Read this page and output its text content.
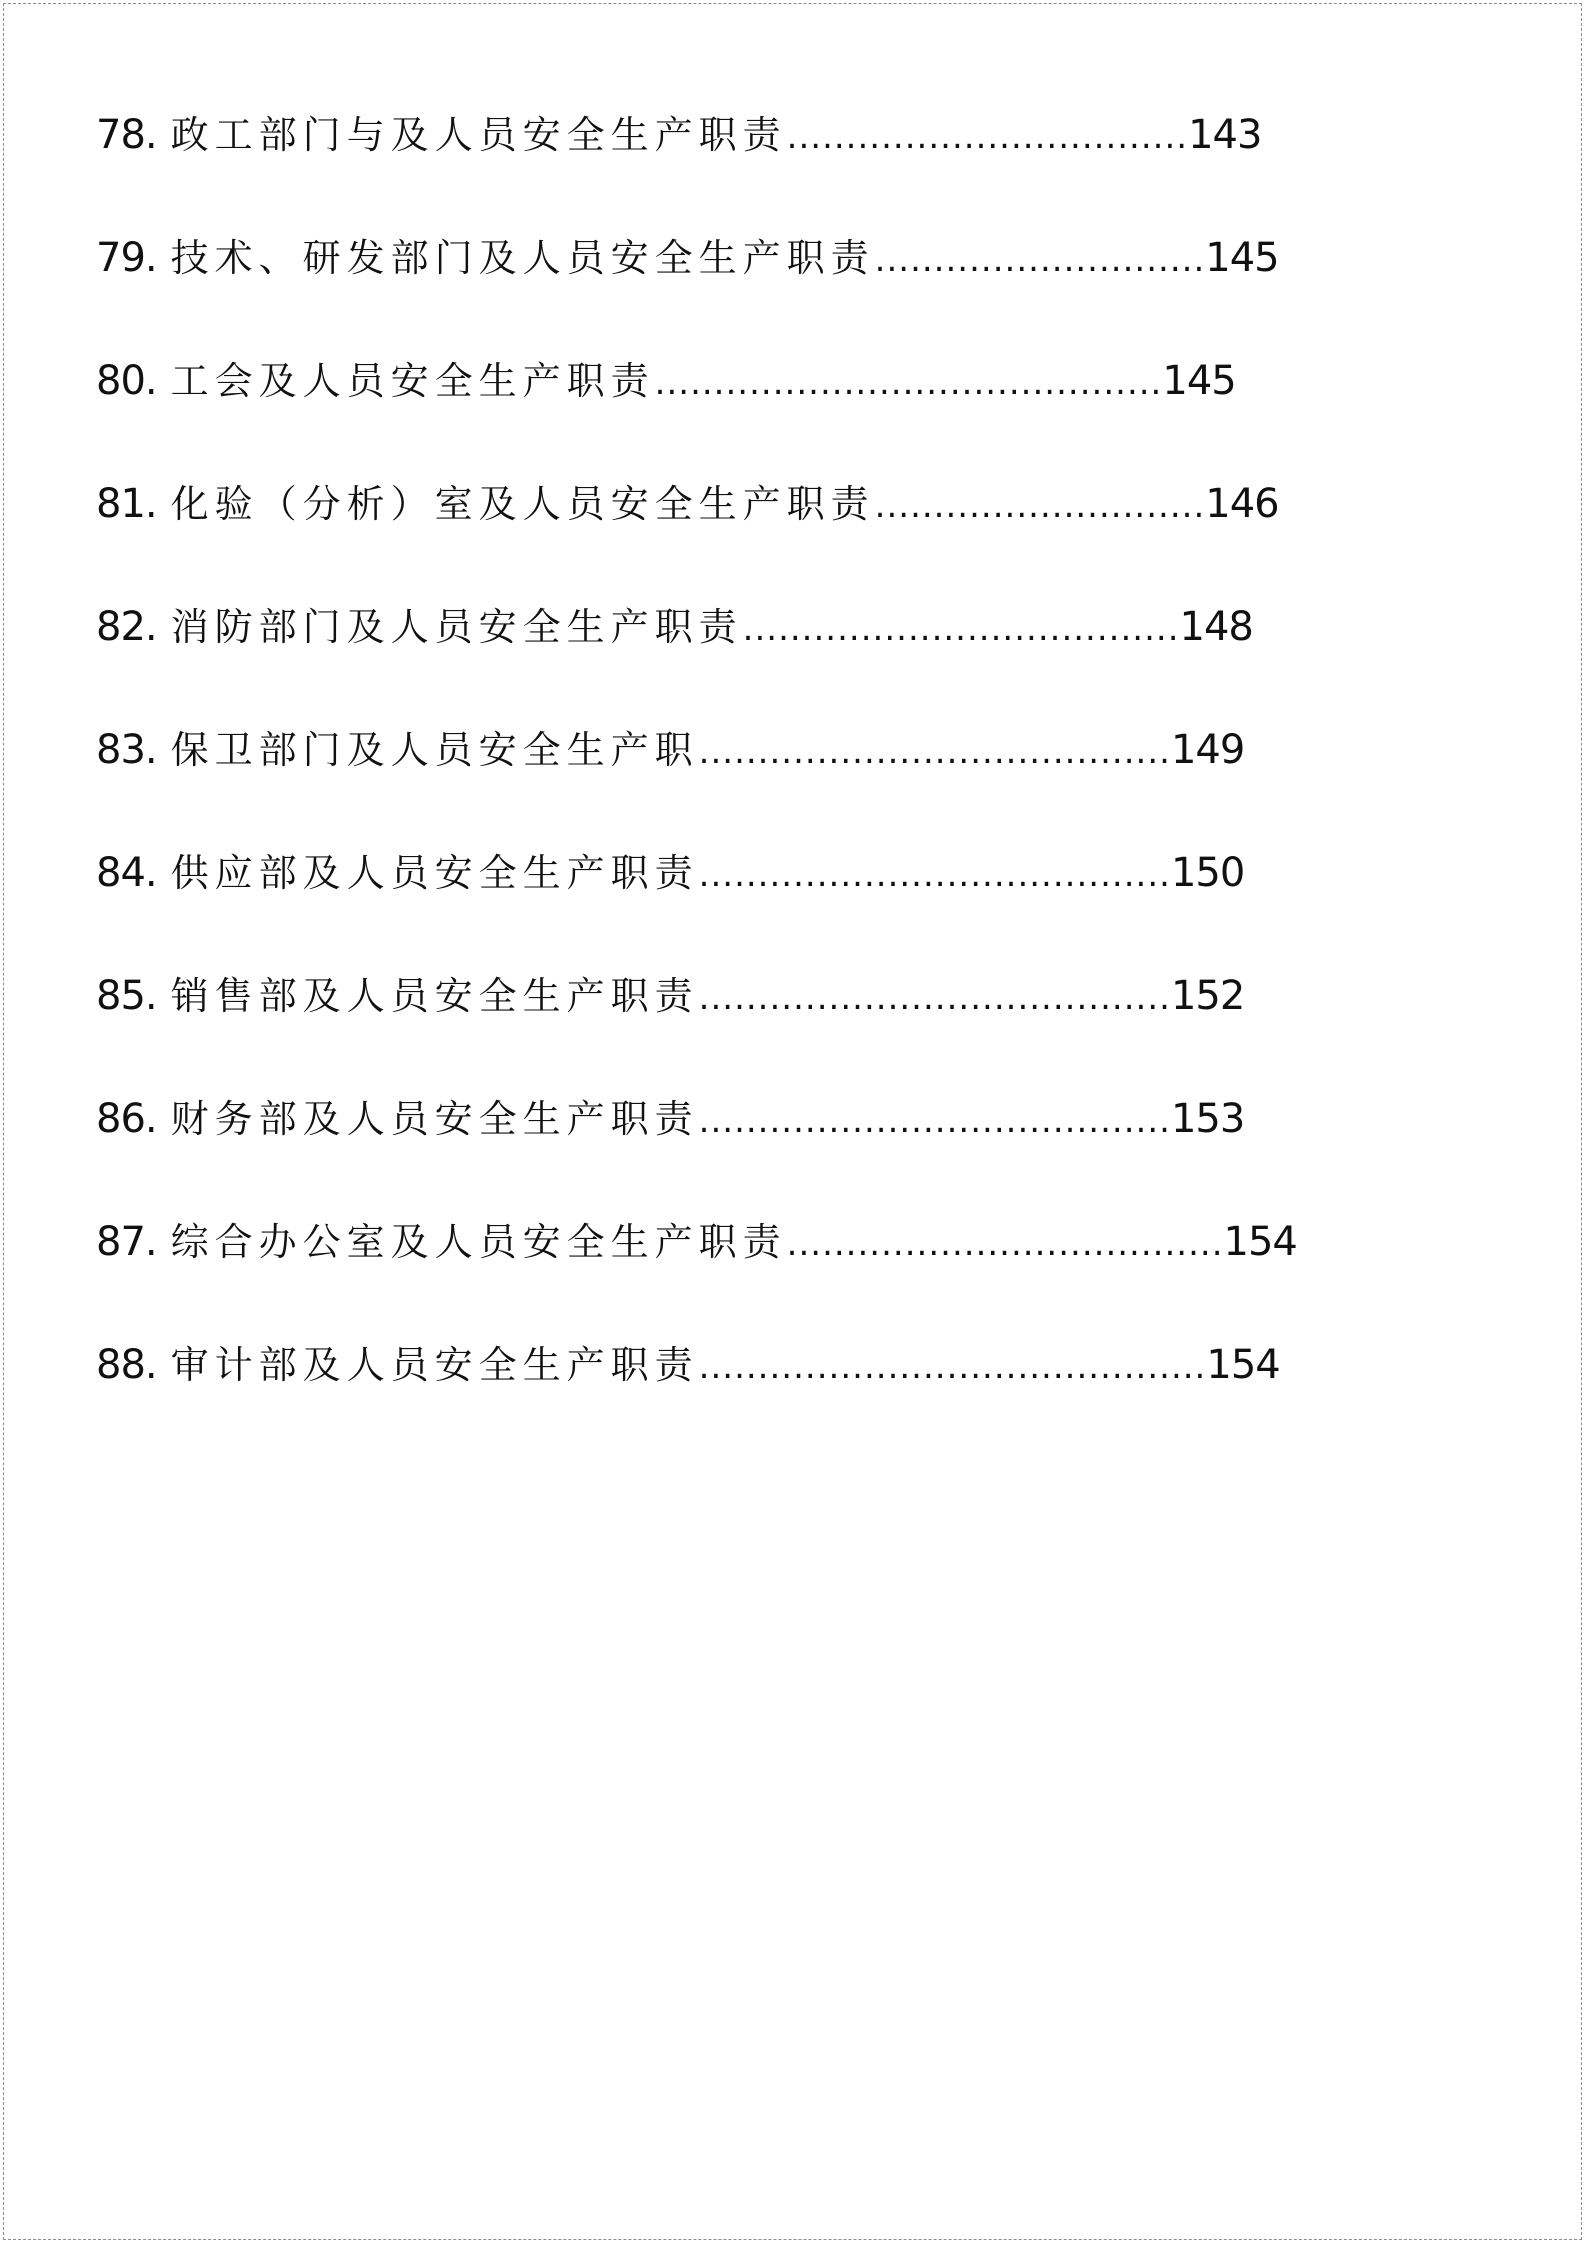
78. 政工部门与及人员安全生产职责 .................................. 143
79. 技术、研发部门及人员安全生产职责 ............................ 145
80. 工会及人员安全生产职责 ........................................... 145
81. 化验（分析）室及人员安全生产职责 ............................ 146
82. 消防部门及人员安全生产职责 ..................................... 148
83. 保卫部门及人员安全生产职 ........................................ 149
84. 供应部及人员安全生产职责 ........................................ 150
85. 销售部及人员安全生产职责 ........................................ 152
86. 财务部及人员安全生产职责 ........................................ 153
87. 综合办公室及人员安全生产职责 ..................................... 154
88. 审计部及人员安全生产职责 ........................................... 154
